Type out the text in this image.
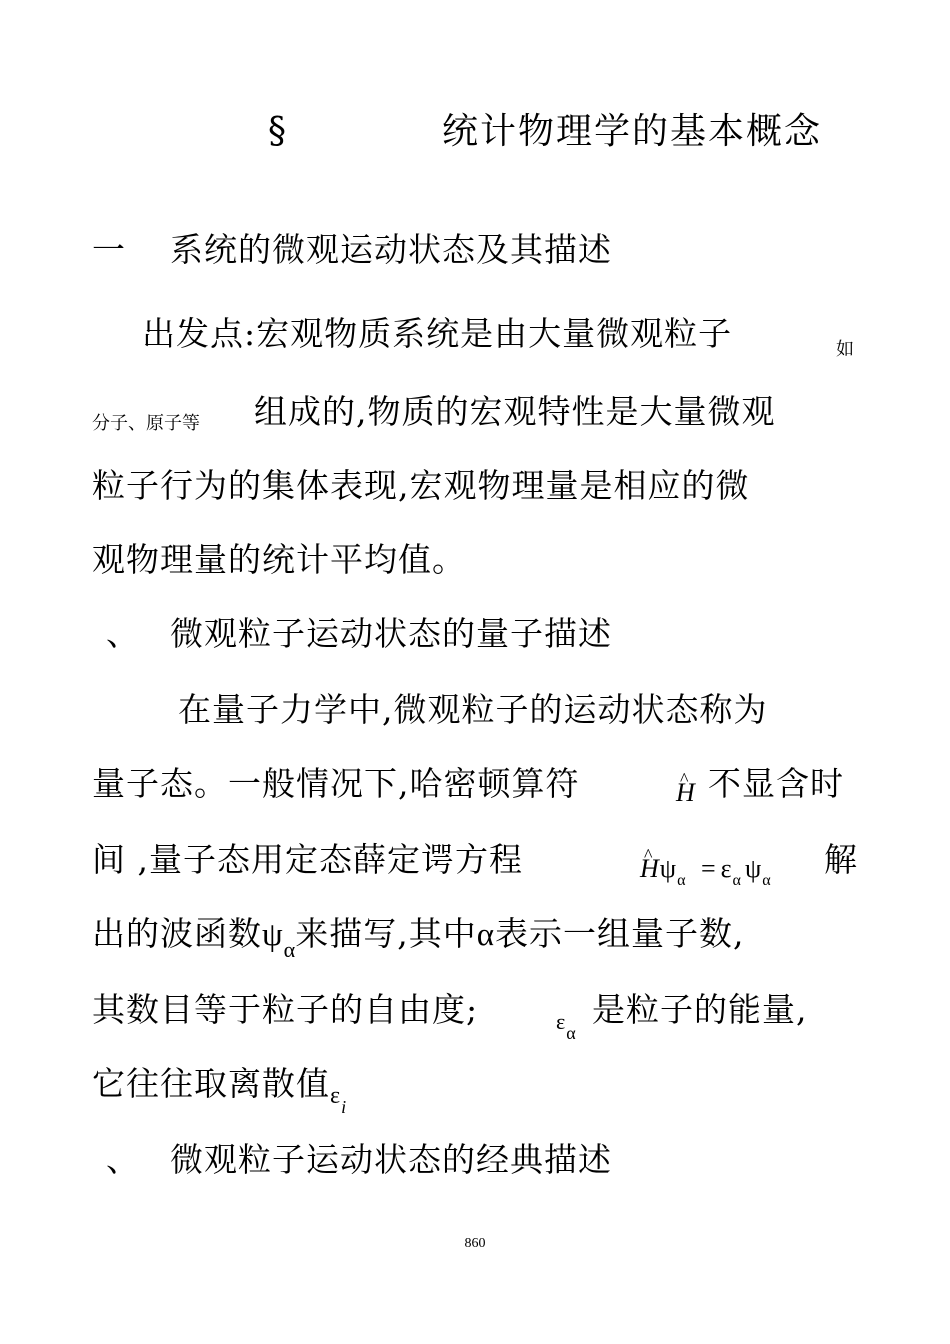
§	统计物理学的基本概念
一 系统的微观运动状态及其描述
出发点:宏观物质系统是由大量微观粒子	如
分子、原子等 组成的,物质的宏观特性是大量微观
粒子行为的集体表现,宏观物理量是相应的微
观物理量的统计平均值。
、 微观粒子运动状态的量子描述
在量子力学中,微观粒子的运动状态称为
量子态。一般情况下,哈密顿算符	^ H 不显含时
间 ,量子态用定态薛定谔方程	^ $H\psi_\alpha = \varepsilon_\alpha$ $\psi_\alpha$
解
出的波函数$\psi_\alpha$来描写,其中α表示一组量子数,
其数目等于粒子的自由度;	$\varepsilon_\alpha$
是粒子的能量,
它往往取离散值$_{\varepsilon i}$
、 微观粒子运动状态的经典描述
860
